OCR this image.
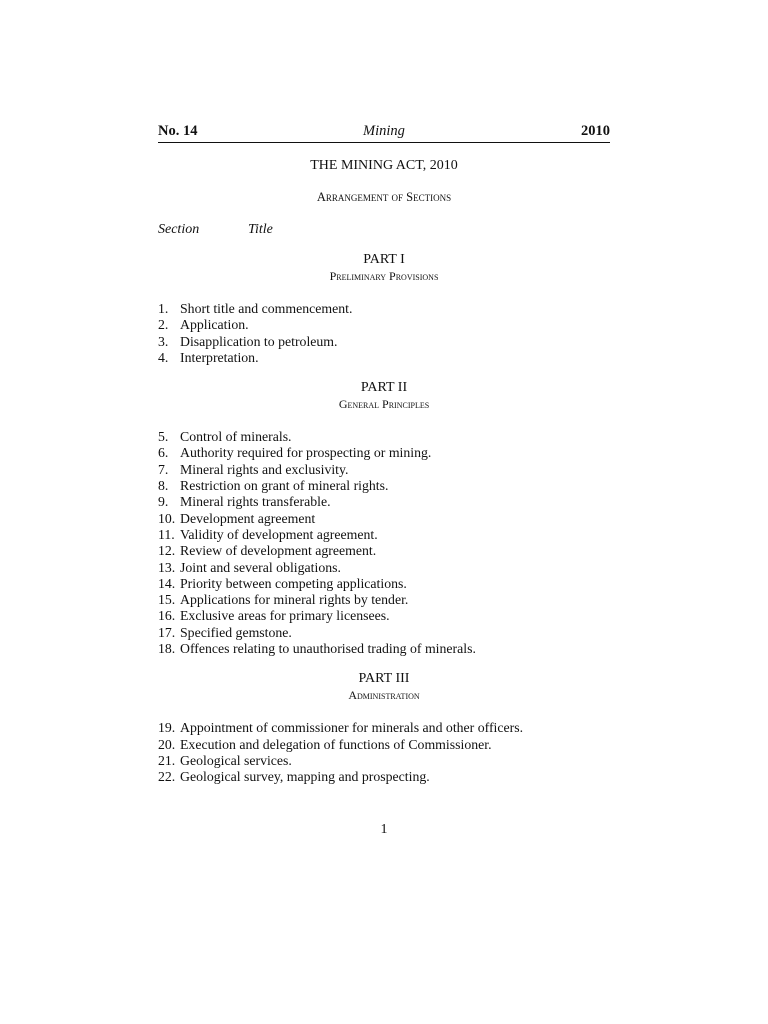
No. 14	Mining	2010
THE MINING ACT, 2010
Arrangement of Sections
Section	Title
PART I
Preliminary Provisions
1. Short title and commencement.
2. Application.
3. Disapplication to petroleum.
4. Interpretation.
PART II
General Principles
5. Control of minerals.
6. Authority required for prospecting or mining.
7. Mineral rights and exclusivity.
8. Restriction on grant of mineral rights.
9. Mineral rights transferable.
10. Development agreement
11. Validity of development agreement.
12. Review of development agreement.
13. Joint and several obligations.
14. Priority between competing applications.
15. Applications for mineral rights by tender.
16. Exclusive areas for primary licensees.
17. Specified gemstone.
18. Offences relating to unauthorised trading of minerals.
PART III
Administration
19. Appointment of commissioner for minerals and other officers.
20. Execution and delegation of functions of Commissioner.
21. Geological services.
22. Geological survey, mapping and prospecting.
1
